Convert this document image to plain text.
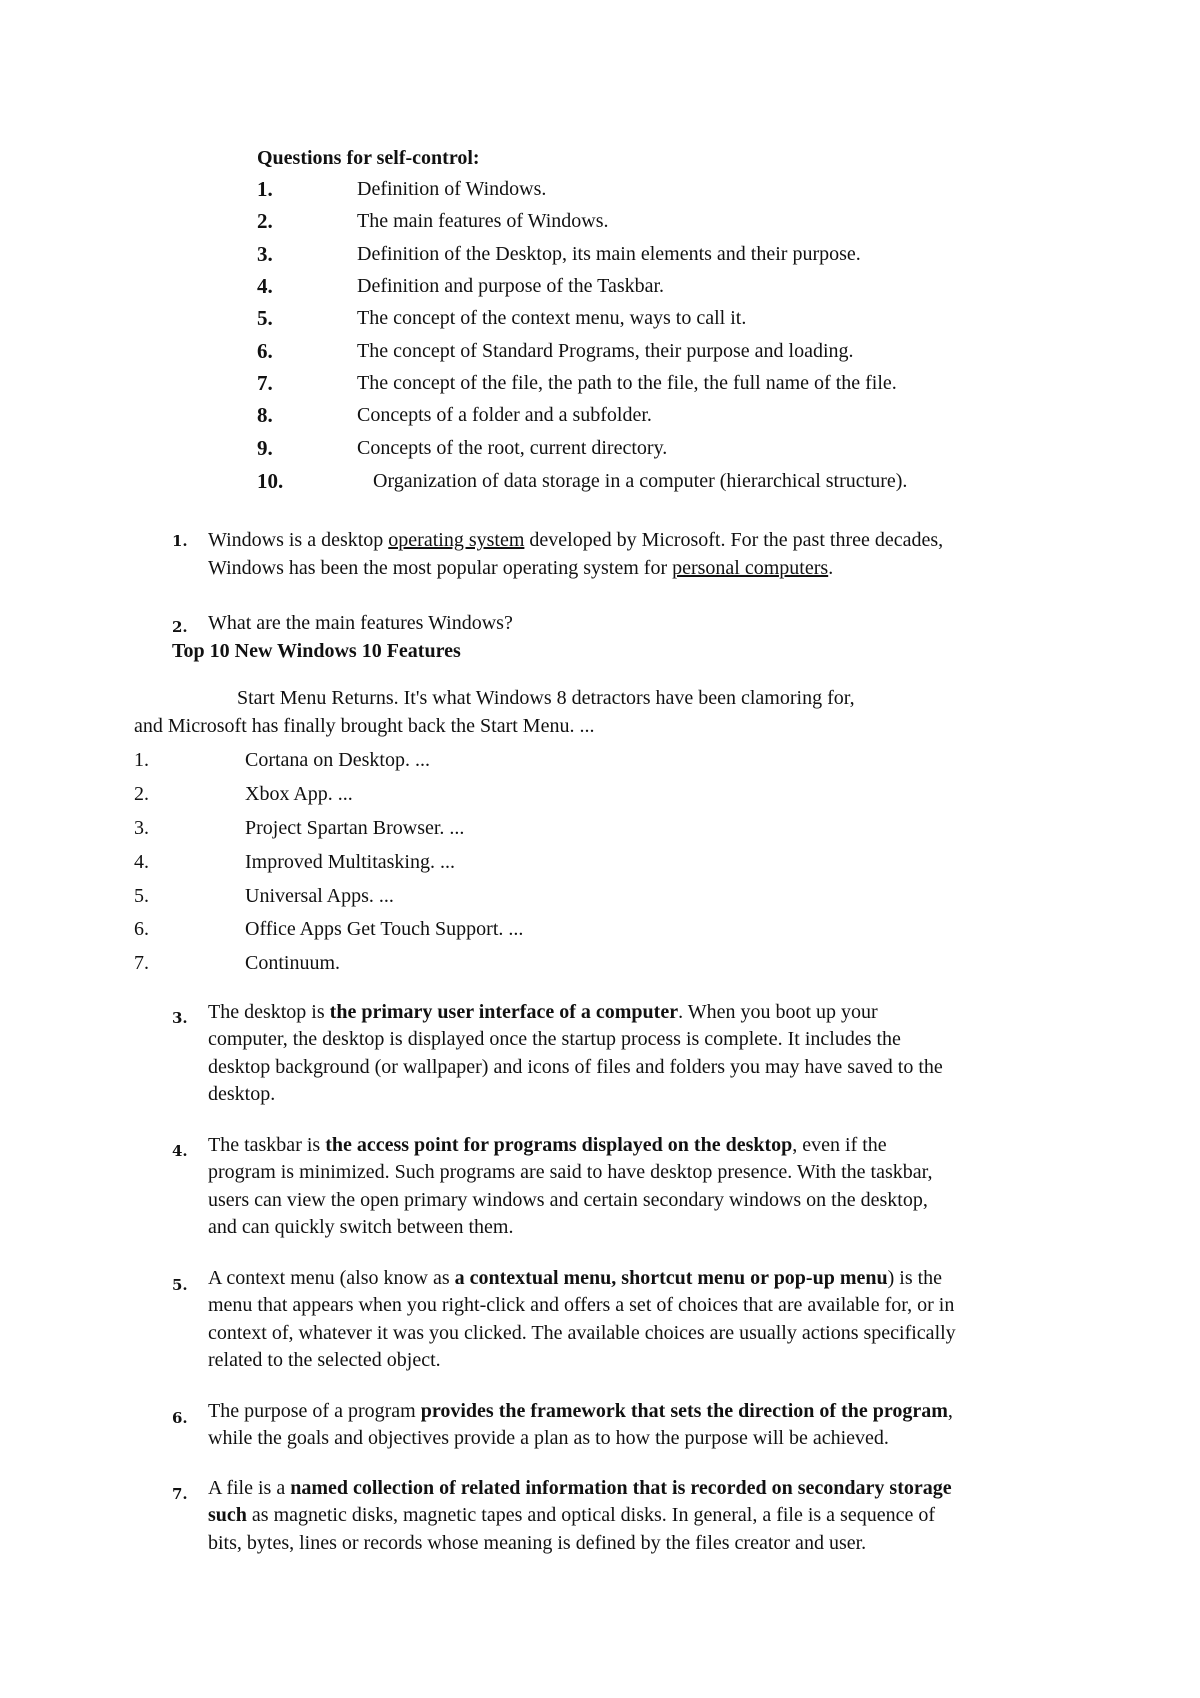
Questions for self-control:
1.	Definition of Windows.
2.	The main features of Windows.
3.	Definition of the Desktop, its main elements and their purpose.
4.	Definition and purpose of the Taskbar.
5.	The concept of the context menu, ways to call it.
6.	The concept of Standard Programs, their purpose and loading.
7.	The concept of the file, the path to the file, the full name of the file.
8.	Concepts of a folder and a subfolder.
9.	Concepts of the root, current directory.
10.	Organization of data storage in a computer (hierarchical structure).
1. Windows is a desktop operating system developed by Microsoft. For the past three decades,
Windows has been the most popular operating system for personal computers.
2. What are the main features Windows?
Top 10 New Windows 10 Features
Start Menu Returns. It's what Windows 8 detractors have been clamoring for,
and Microsoft has finally brought back the Start Menu. ...
1.	Cortana on Desktop. ...
2.	Xbox App. ...
3.	Project Spartan Browser. ...
4.	Improved Multitasking. ...
5.	Universal Apps. ...
6.	Office Apps Get Touch Support. ...
7.	Continuum.
3. The desktop is the primary user interface of a computer. When you boot up your
computer, the desktop is displayed once the startup process is complete. It includes the
desktop background (or wallpaper) and icons of files and folders you may have saved to the
desktop.
4. The taskbar is the access point for programs displayed on the desktop, even if the
program is minimized. Such programs are said to have desktop presence. With the taskbar,
users can view the open primary windows and certain secondary windows on the desktop,
and can quickly switch between them.
5. A context menu (also know as a contextual menu, shortcut menu or pop-up menu) is the
menu that appears when you right-click and offers a set of choices that are available for, or in
context of, whatever it was you clicked. The available choices are usually actions specifically
related to the selected object.
6. The purpose of a program provides the framework that sets the direction of the program,
while the goals and objectives provide a plan as to how the purpose will be achieved.
7. A file is a named collection of related information that is recorded on secondary storage
such as magnetic disks, magnetic tapes and optical disks. In general, a file is a sequence of
bits, bytes, lines or records whose meaning is defined by the files creator and user.
